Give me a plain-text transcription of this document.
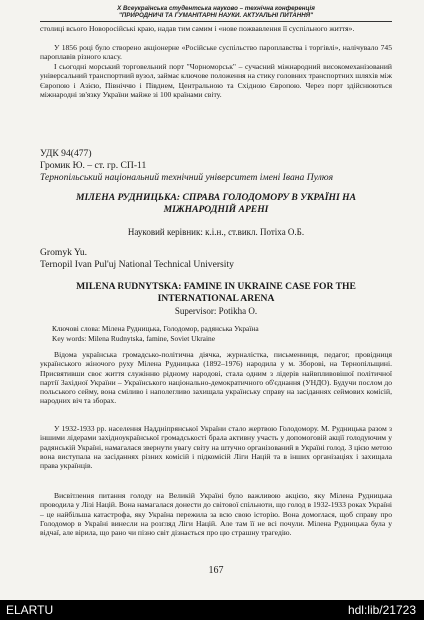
X Всеукраїнська студентська науково – технічна конференція
"ПРИРОДНИЧІ ТА ГУМАНІТАРНІ НАУКИ. АКТУАЛЬНІ ПИТАННЯ"
столиці всього Новоросійські краю, надав тим самим і «нове пожвавлення її суспільного життя».
У 1856 році було створено акціонерне «Російське суспільство пароплавства і торгівлі», налічувало 745 пароплавів різного класу.
І сьогодні морський торговельний порт "Чорноморськ" – сучасний міжнародний високомеханізований універсальний транспортний вузол, займає ключове положення на стику головних транспортних шляхів між Європою і Азією, Північчю і Півднем, Центральною та Східною Європою. Через порт здійснюються міжнародні зв'язку України майже зі 100 країнами світу.
УДК 94(477)
Громик Ю. – ст. гр. СП-11
Тернопільський національний технічний університет імені Івана Пулюя
МІЛЕНА РУДНИЦЬКА: СПРАВА ГОЛОДОМОРУ В УКРАЇНІ НА МІЖНАРОДНІЙ АРЕНІ
Науковий керівник: к.і.н., ст.викл. Потіха О.Б.
Gromyk Yu.
Ternopil Ivan Pul'uj National Technical University
MILENA RUDNYTSKA: FAMINE IN UKRAINE CASE FOR THE INTERNATIONAL ARENA
Supervisor: Potikha O.
Ключові слова: Мілена Рудницька, Голодомор, радянська Україна
Key words: Milena Rudnytska, famine, Soviet Ukraine
Відома українська громадсько-політична діячка, журналістка, письменниця, педагог, провідниця українського жіночого руху Мілена Рудницька (1892–1976) народила у м. Зборові, на Тернопільщині. Присвятивши своє життя служінню рідному народові, стала одним з лідерів найвпливовішої політичної партії Західної України – Українського національно-демократичного об'єднання (УНДО). Будучи послом до польського сейму, вона сміливо і наполегливо захищала українську справу на засіданнях сеймових комісій, народних віч та зборах.
У 1932-1933 рр. населення Наддніпрянської України стало жертвою Голодомору. М. Рудницька разом з іншими лідерами західноукраїнської громадськості брала активну участь у допомоговій акції голодуючим у радянській Україні, намагалася звернути увагу світу на штучно організований в Україні голод. З цією метою вона виступала на засіданнях різних комісій і підкомісій Ліги Націй та в інших організаціях і захищала права українців.
Висвітлення питання голоду на Великій Україні було важливою акцією, яку Мілена Рудницька проводила у Лізі Націй. Вона намагалася донести до світової спільноти, що голод в 1932-1933 роках Україні – це найбільша катастрофа, яку Україна пережила за всю свою історію. Вона домоглася, щоб справу про Голодомор в Україні винесли на розгляд Ліги Націй. Але там її не всі почули. Мілена Рудницька була у відчаї, але вірила, що рано чи пізно світ дізнається про цю страшну трагедію.
167
ELARTU	hdl:lib/21723
